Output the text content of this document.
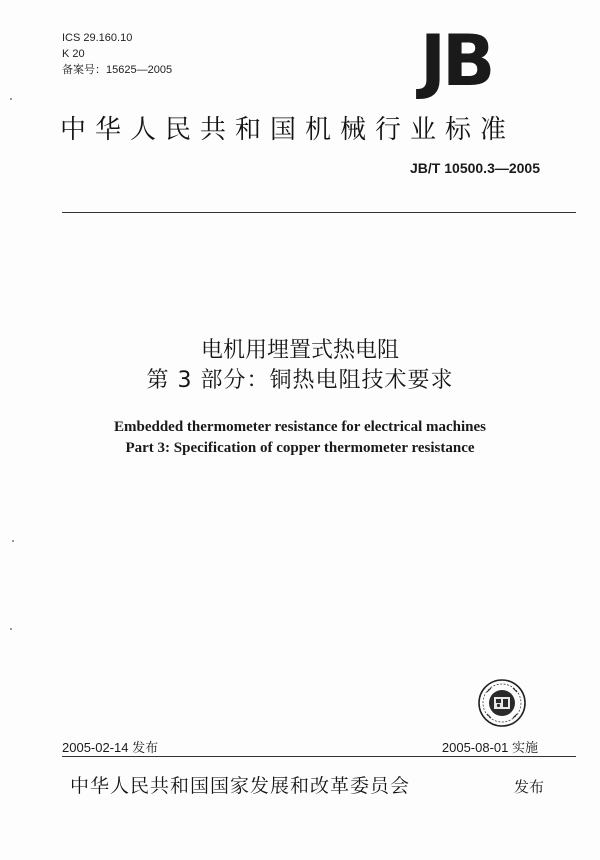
ICS 29.160.10
K 20
备案号：15625—2005	JB
中华人民共和国机械行业标准
JB/T 10500.3—2005
电机用埋置式热电阻
第 3 部分：铜热电阻技术要求
Embedded thermometer resistance for electrical machines
Part 3: Specification of copper thermometer resistance
2005-02-14 发布	2005-08-01 实施
中华人民共和国国家发展和改革委员会	发布
